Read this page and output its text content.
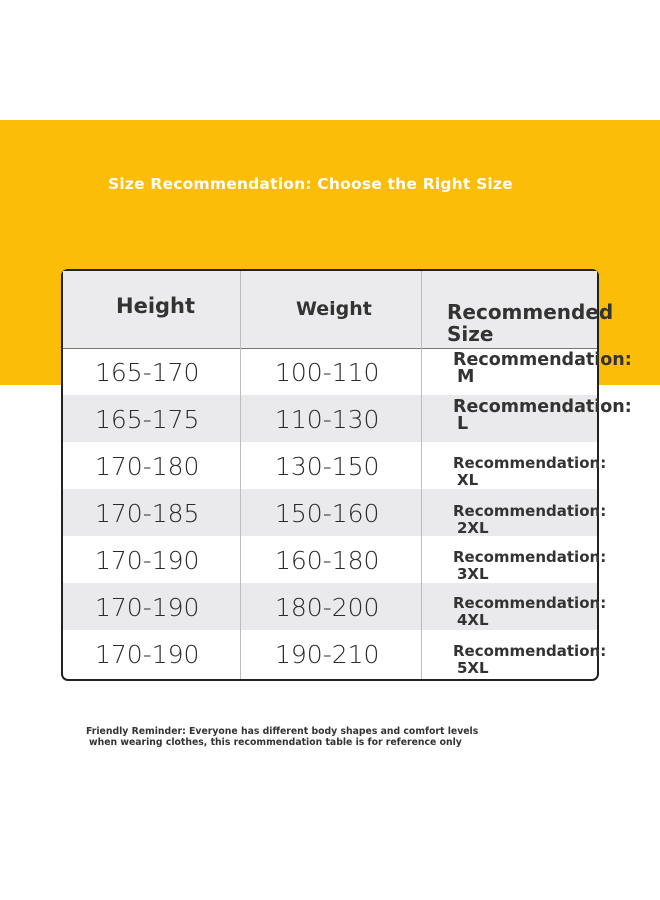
Size Recommendation: Choose the Right Size
Height	Weight	Recommended Size
165-170	100-110	Recommendation:
M
165-175	110-130	Recommendation:
L
170-180	130-150	Recommendation:
XL
170-185	150-160	Recommendation:
2XL
170-190	160-180	Recommendation:
3XL
170-190	180-200	Recommendation:
4XL
170-190	190-210	Recommendation:
5XL
Friendly Reminder: Everyone has different body shapes and comfort levels
when wearing clothes, this recommendation table is for reference only
